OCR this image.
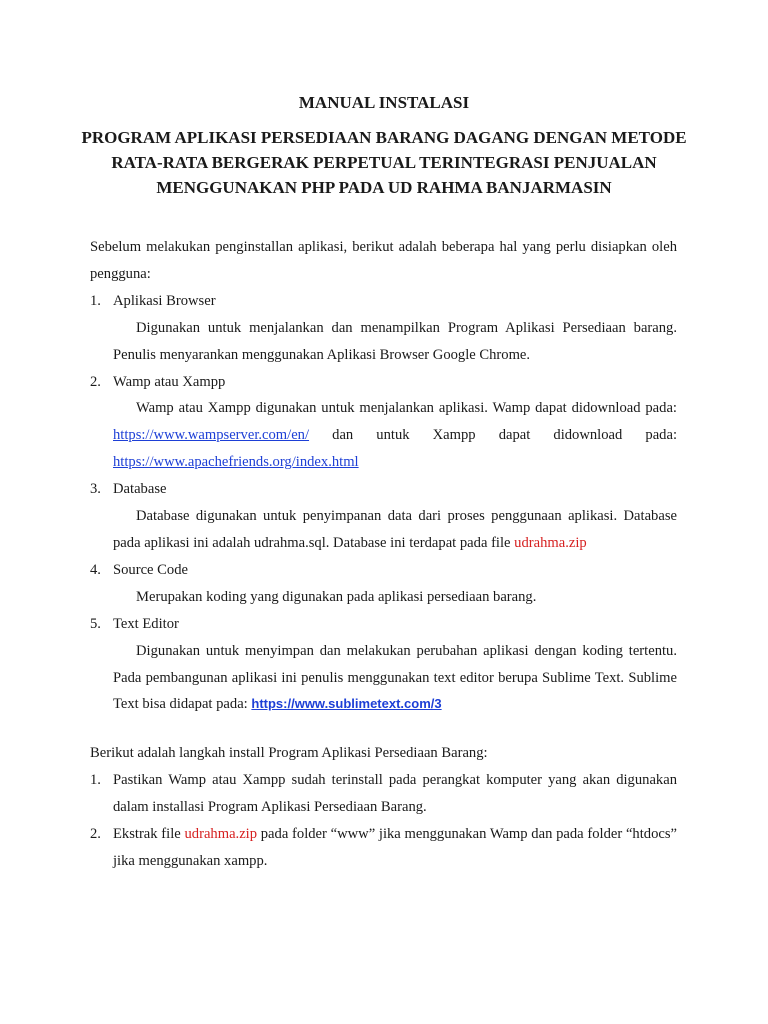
MANUAL INSTALASI

PROGRAM APLIKASI PERSEDIAAN BARANG DAGANG DENGAN METODE RATA-RATA BERGERAK PERPETUAL TERINTEGRASI PENJUALAN MENGGUNAKAN PHP PADA UD RAHMA BANJARMASIN

Sebelum melakukan penginstallan aplikasi, berikut adalah beberapa hal yang perlu disiapkan oleh pengguna:

1. Aplikasi Browser

Digunakan untuk menjalankan dan menampilkan Program Aplikasi Persediaan barang. Penulis menyarankan menggunakan Aplikasi Browser Google Chrome.

2. Wamp atau Xampp

Wamp atau Xampp digunakan untuk menjalankan aplikasi. Wamp dapat didownload pada: https://www.wampserver.com/en/ dan untuk Xampp dapat didownload pada: https://www.apachefriends.org/index.html

3. Database

Database digunakan untuk penyimpanan data dari proses penggunaan aplikasi. Database pada aplikasi ini adalah udrahma.sql. Database ini terdapat pada file udrahma.zip

4. Source Code

Merupakan koding yang digunakan pada aplikasi persediaan barang.

5. Text Editor

Digunakan untuk menyimpan dan melakukan perubahan aplikasi dengan koding tertentu. Pada pembangunan aplikasi ini penulis menggunakan text editor berupa Sublime Text. Sublime Text bisa didapat pada: https://www.sublimetext.com/3

Berikut adalah langkah install Program Aplikasi Persediaan Barang:

1. Pastikan Wamp atau Xampp sudah terinstall pada perangkat komputer yang akan digunakan dalam installasi Program Aplikasi Persediaan Barang.

2. Ekstrak file udrahma.zip pada folder “www” jika menggunakan Wamp dan pada folder “htdocs” jika menggunakan xampp.
